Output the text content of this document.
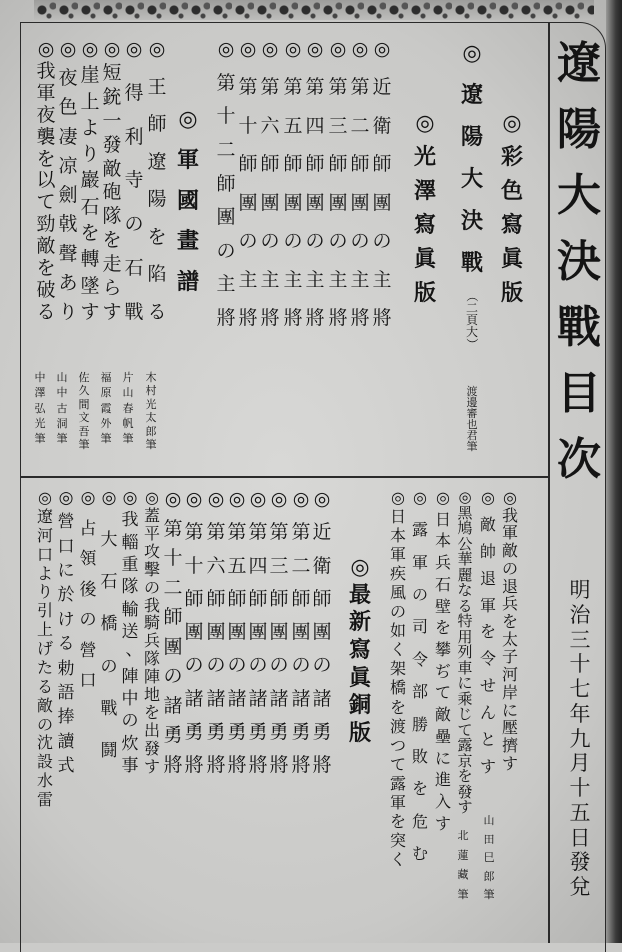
遼
陽
大
決
戰
目
次
明
治
三
十
七
年
九
月
十
五
日
發
兌
◎
彩
色
寫
眞
版
◎
遼
陽
大
決
戰
（
二
頁
大
）
渡
邊
審
也
君
筆
◎
光
澤
寫
眞
版
◎
近
衛
師
團
の
主
將
◎
第
二
師
團
の
主
將
◎
第
三
師
團
の
主
將
◎
第
四
師
團
の
主
將
◎
第
五
師
團
の
主
將
◎
第
六
師
團
の
主
將
◎
第
十
師
團
の
主
將
◎
第
十
二
師
團
の
主
將
◎
軍
國
畫
譜
◎
王
師
遼
陽
を
陷
る
◎
得
利
寺
の
石
戰
◎
短
銃
一
發
敵
砲
隊
を
走
ら
す
◎
崖
上
よ
り
巖
石
を
轉
墜
す
◎
夜
色
凄
凉
劍
戟
聲
あ
り
◎
我
軍
夜
襲
を
以
て
勁
敵
を
破
る
木
村
光
太
郎
筆
片
山
春
帆
筆
福
原
霞
外
筆
佐
久
間
文
吾
筆
山
中
古
洞
筆
中
澤
弘
光
筆
◎
我
軍
敵
の
退
兵
を
太
子
河
岸
に
壓
擠
す
◎
敵
帥
退
軍
を
令
せ
ん
と
す
◎
黑
鳩
公
華
麗
な
る
特
用
列
車
に
乘
じ
て
露
京
を
發
す
◎
日
本
兵
石
壁
を
攀
ぢ
て
敵
壘
に
進
入
す
◎
露
軍
の
司
令
部
勝
敗
を
危
む
◎
日
本
軍
疾
風
の
如
く
架
橋
を
渡
つ
て
露
軍
を
突
く
山
田
巳
郎
筆
北
蓮
藏
筆
◎
最
新
寫
眞
銅
版
◎
近
衛
師
團
の
諸
勇
將
◎
第
二
師
團
の
諸
勇
將
◎
第
三
師
團
の
諸
勇
將
◎
第
四
師
團
の
諸
勇
將
◎
第
五
師
團
の
諸
勇
將
◎
第
六
師
團
の
諸
勇
將
◎
第
十
師
團
の
諸
勇
將
◎
第
十
二
師
團
の
諸
勇
將
◎
蓋
平
攻
擊
の
我
騎
兵
隊
陣
地
を
出
發
す
◎
我
輜
重
隊
輸
送
、
陣
中
の
炊
事
◎
大
石
橋
の
戰
鬪
◎
占
領
後
の
營
口
◎
營
口
に
於
け
る
勅
語
捧
讀
式
◎
遼
河
口
よ
り
引
上
げ
た
る
敵
の
沈
設
水
雷
